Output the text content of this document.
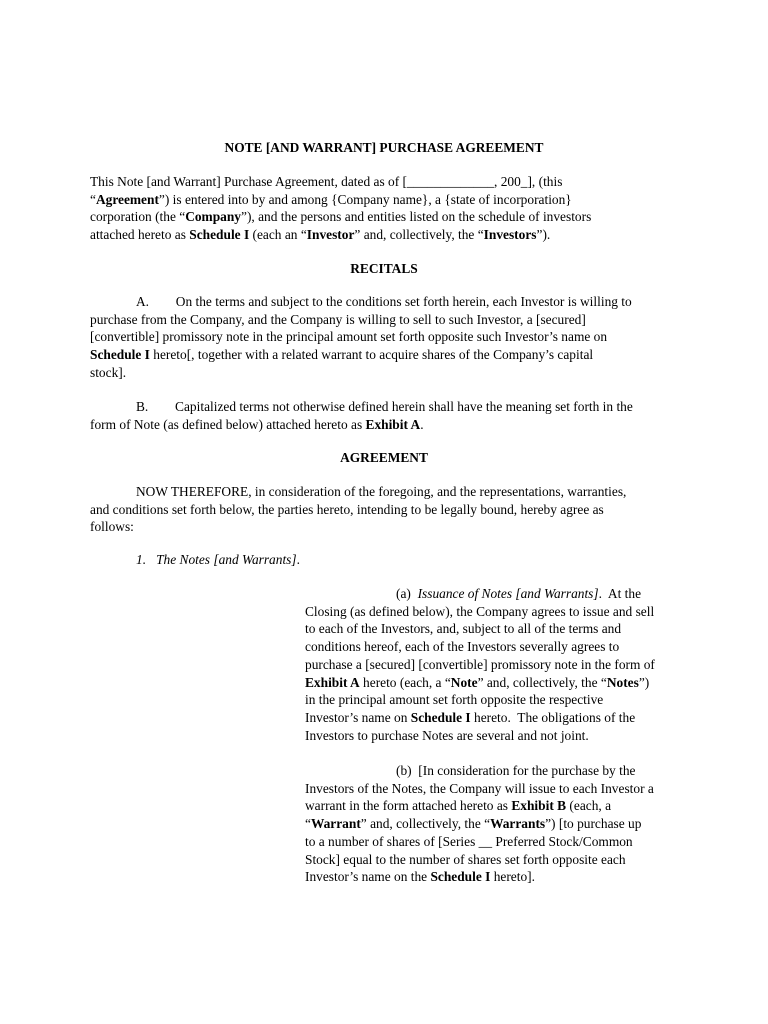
NOTE [AND WARRANT] PURCHASE AGREEMENT
This Note [and Warrant] Purchase Agreement, dated as of [_____________, 200_], (this
“Agreement”) is entered into by and among {Company name}, a {state of incorporation}
corporation (the “Company”), and the persons and entities listed on the schedule of investors
attached hereto as Schedule I (each an “Investor” and, collectively, the “Investors”).
RECITALS
A.        On the terms and subject to the conditions set forth herein, each Investor is willing to
purchase from the Company, and the Company is willing to sell to such Investor, a [secured]
[convertible] promissory note in the principal amount set forth opposite such Investor’s name on
Schedule I hereto[, together with a related warrant to acquire shares of the Company’s capital
stock].
B.        Capitalized terms not otherwise defined herein shall have the meaning set forth in the
form of Note (as defined below) attached hereto as Exhibit A.
AGREEMENT
NOW THEREFORE, in consideration of the foregoing, and the representations, warranties,
and conditions set forth below, the parties hereto, intending to be legally bound, hereby agree as
follows:
1.   The Notes [and Warrants].
(a)  Issuance of Notes [and Warrants].  At the
Closing (as defined below), the Company agrees to issue and sell
to each of the Investors, and, subject to all of the terms and
conditions hereof, each of the Investors severally agrees to
purchase a [secured] [convertible] promissory note in the form of
Exhibit A hereto (each, a “Note” and, collectively, the “Notes”)
in the principal amount set forth opposite the respective
Investor’s name on Schedule I hereto.  The obligations of the
Investors to purchase Notes are several and not joint.
(b)  [In consideration for the purchase by the
Investors of the Notes, the Company will issue to each Investor a
warrant in the form attached hereto as Exhibit B (each, a
“Warrant” and, collectively, the “Warrants”) [to purchase up
to a number of shares of [Series __ Preferred Stock/Common
Stock] equal to the number of shares set forth opposite each
Investor’s name on the Schedule I hereto].
